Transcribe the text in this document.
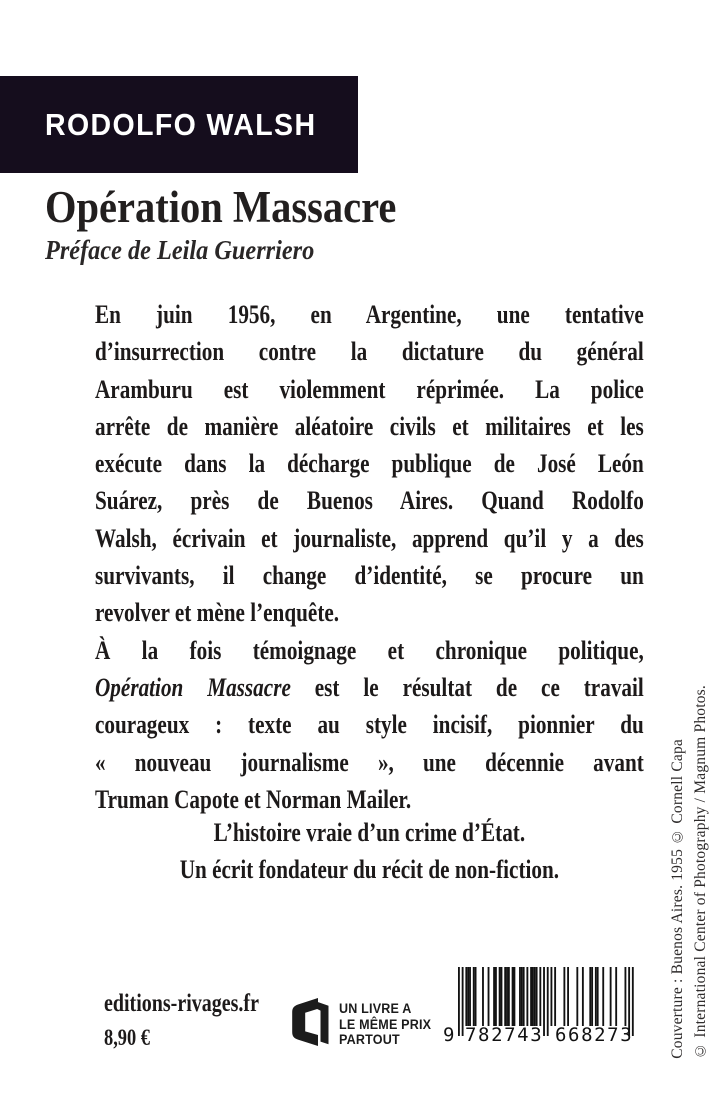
RODOLFO WALSH
Opération Massacre
Préface de Leila Guerriero
En juin 1956, en Argentine, une tentative
d’insurrection contre la dictature du général
Aramburu est violemment réprimée. La police
arrête de manière aléatoire civils et militaires et les
exécute dans la décharge publique de José León
Suárez, près de Buenos Aires. Quand Rodolfo
Walsh, écrivain et journaliste, apprend qu’il y a des
survivants, il change d’identité, se procure un
revolver et mène l’enquête.
À la fois témoignage et chronique politique,
Opération Massacre est le résultat de ce travail
courageux : texte au style incisif, pionnier du
« nouveau journalisme », une décennie avant
Truman Capote et Norman Mailer.
L’histoire vraie d’un crime d’État.
Un écrit fondateur du récit de non-fiction.
editions-rivages.fr
8,90 €
UN LIVRE A
LE MÊME PRIX
PARTOUT	9 782743 668273 Couverture : Buenos Aires. 1955 © Cornell Capa © International Center of Photography / Magnum Photos.
